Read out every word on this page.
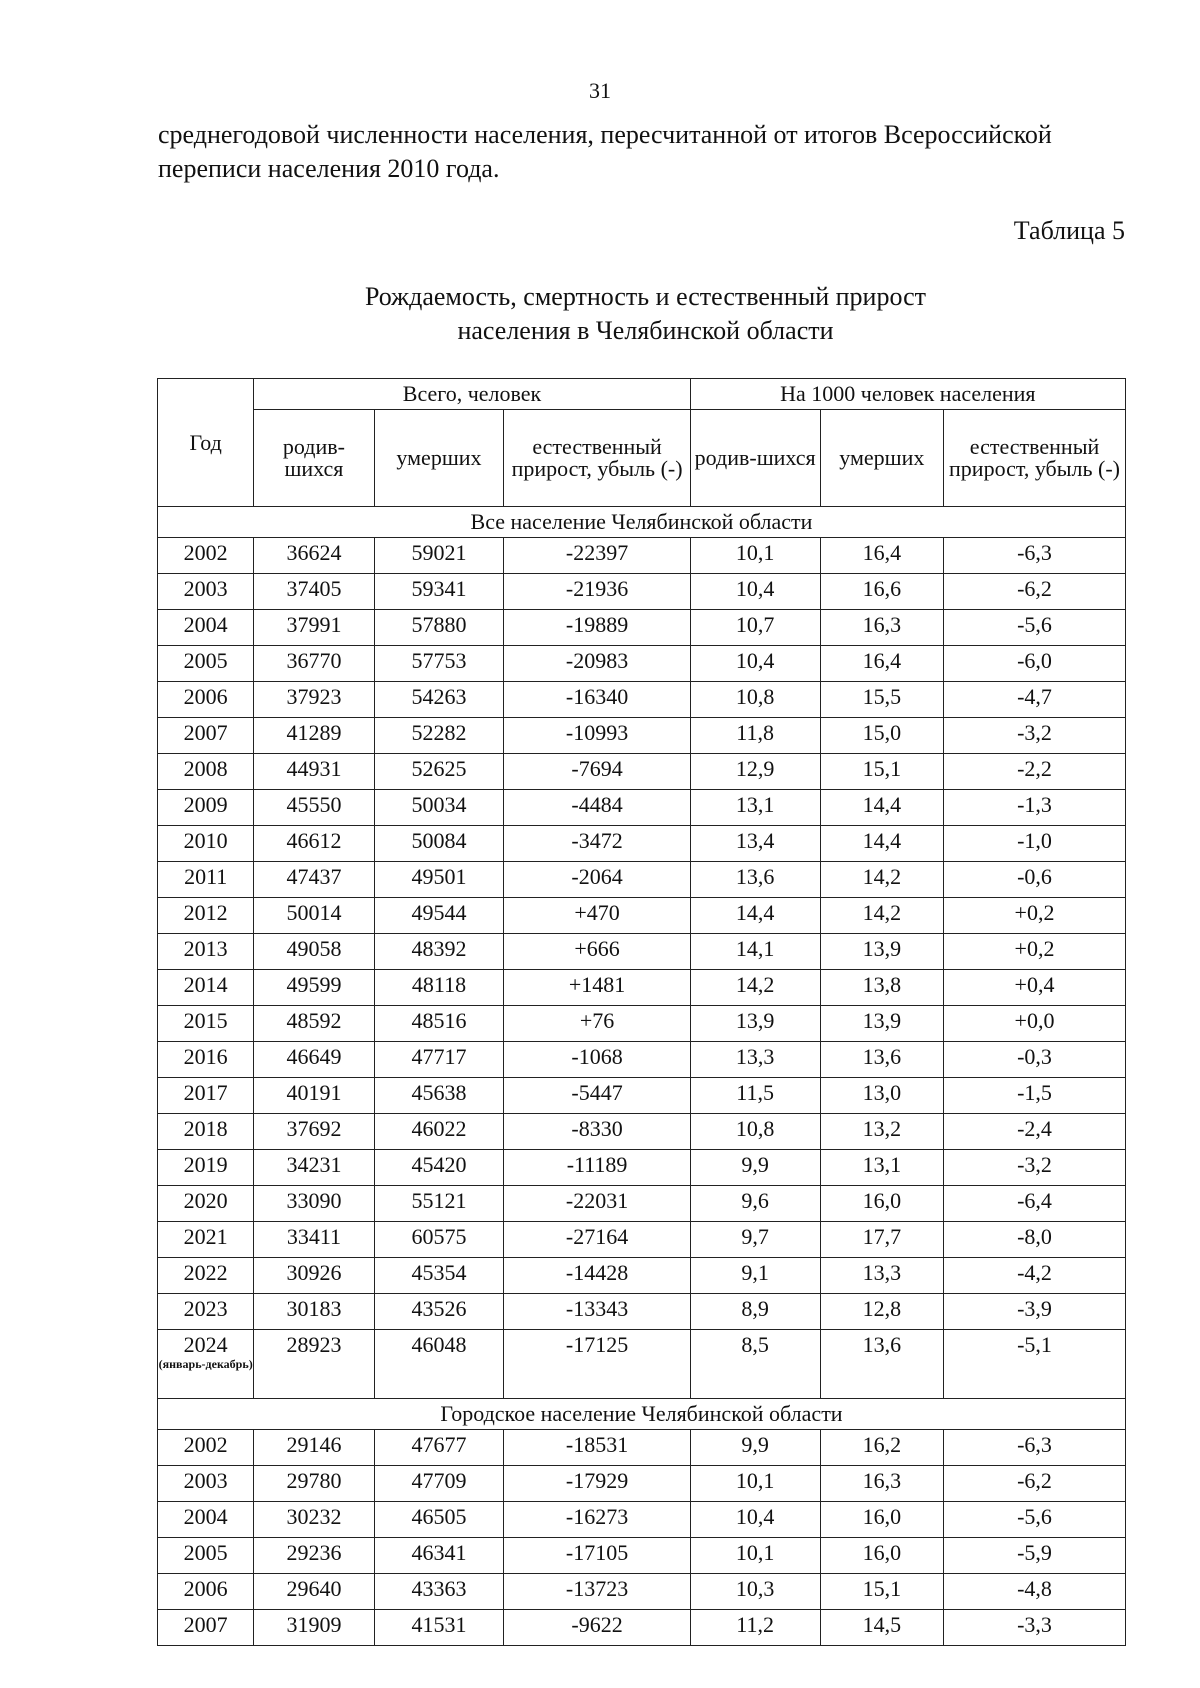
31
среднегодовой численности населения, пересчитанной от итогов Всероссийской переписи населения 2010 года.
Таблица 5
Рождаемость, смертность и естественный прирост
населения в Челябинской области
Год	Всего, человек			На 1000 человек населения		
	родив-шихся	умерших	естественный прирост, убыль (-)	родив-шихся	умерших	естественный прирост, убыль (-)
Все население Челябинской области						
2002	36624	59021	-22397	10,1	16,4	-6,3
2003	37405	59341	-21936	10,4	16,6	-6,2
2004	37991	57880	-19889	10,7	16,3	-5,6
2005	36770	57753	-20983	10,4	16,4	-6,0
2006	37923	54263	-16340	10,8	15,5	-4,7
2007	41289	52282	-10993	11,8	15,0	-3,2
2008	44931	52625	-7694	12,9	15,1	-2,2
2009	45550	50034	-4484	13,1	14,4	-1,3
2010	46612	50084	-3472	13,4	14,4	-1,0
2011	47437	49501	-2064	13,6	14,2	-0,6
2012	50014	49544	+470	14,4	14,2	+0,2
2013	49058	48392	+666	14,1	13,9	+0,2
2014	49599	48118	+1481	14,2	13,8	+0,4
2015	48592	48516	+76	13,9	13,9	+0,0
2016	46649	47717	-1068	13,3	13,6	-0,3
2017	40191	45638	-5447	11,5	13,0	-1,5
2018	37692	46022	-8330	10,8	13,2	-2,4
2019	34231	45420	-11189	9,9	13,1	-3,2
2020	33090	55121	-22031	9,6	16,0	-6,4
2021	33411	60575	-27164	9,7	17,7	-8,0
2022	30926	45354	-14428	9,1	13,3	-4,2
2023	30183	43526	-13343	8,9	12,8	-3,9
2024
(январь-декабрь)	28923	46048	-17125	8,5	13,6	-5,1
Городское население Челябинской области						
2002	29146	47677	-18531	9,9	16,2	-6,3
2003	29780	47709	-17929	10,1	16,3	-6,2
2004	30232	46505	-16273	10,4	16,0	-5,6
2005	29236	46341	-17105	10,1	16,0	-5,9
2006	29640	43363	-13723	10,3	15,1	-4,8
2007	31909	41531	-9622	11,2	14,5	-3,3
